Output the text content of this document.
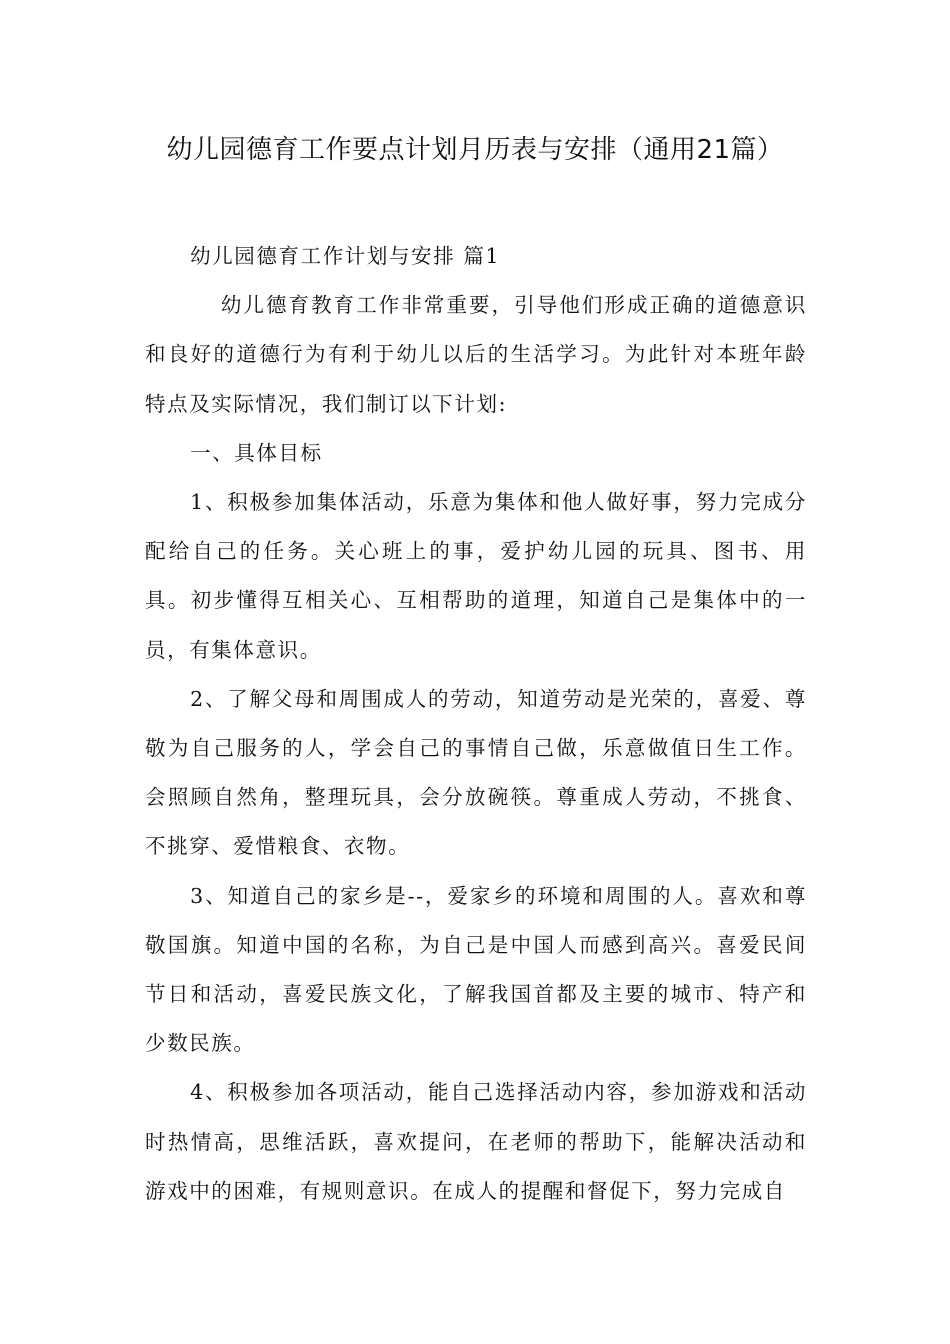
幼儿园德育工作要点计划月历表与安排（通用21篇）

幼儿园德育工作计划与安排 篇1

幼儿德育教育工作非常重要，引导他们形成正确的道德意识和良好的道德行为有利于幼儿以后的生活学习。为此针对本班年龄特点及实际情况，我们制订以下计划:

一、具体目标

1、积极参加集体活动，乐意为集体和他人做好事，努力完成分配给自己的任务。关心班上的事，爱护幼儿园的玩具、图书、用具。初步懂得互相关心、互相帮助的道理，知道自己是集体中的一员，有集体意识。

2、了解父母和周围成人的劳动，知道劳动是光荣的，喜爱、尊敬为自己服务的人，学会自己的事情自己做，乐意做值日生工作。会照顾自然角，整理玩具，会分放碗筷。尊重成人劳动，不挑食、不挑穿、爱惜粮食、衣物。

3、知道自己的家乡是--，爱家乡的环境和周围的人。喜欢和尊敬国旗。知道中国的名称，为自己是中国人而感到高兴。喜爱民间节日和活动，喜爱民族文化，了解我国首都及主要的城市、特产和少数民族。

4、积极参加各项活动，能自己选择活动内容，参加游戏和活动时热情高，思维活跃，喜欢提问，在老师的帮助下，能解决活动和游戏中的困难，有规则意识。在成人的提醒和督促下，努力完成自
